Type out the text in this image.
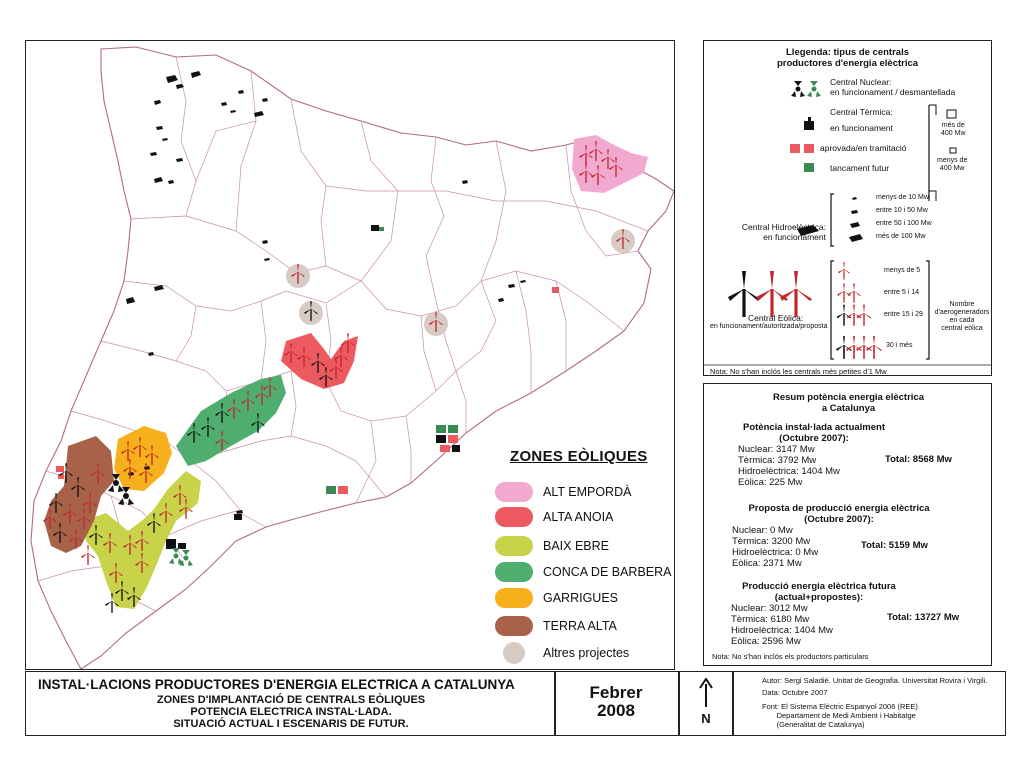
ZONES EÒLIQUES
ALT EMPORDÀ
ALTA ANOIA
BAIX EBRE
CONCA DE BARBERA
GARRIGUES
TERRA ALTA
Altres projectes
Llegenda: tipus de centrals
productores d'energia elèctrica
Central Nuclear:
en funcionament / desmantellada
Central Tèrmica:
en funcionament
aprovada/en tramitació
tancament futur
més de
400 Mw
menys de
400 Mw
Central Hidroelèctrica:
en funcionament
menys de 10 Mw
entre 10 i 50 Mw
entre 50 i 100 Mw
més de 100 Mw
Central Eòlica:
en funcionament/autoritzada/proposta
menys de 5
entre 5 i 14
entre 15 i 29
30 i més
Nombre
d'aerogeneradors
en cada
central eòlica
Nota: No s'han inclós les centrals més petites d'1 Mw
Resum potència energia elèctrica
a Catalunya
Potència instal·lada actualment
(Octubre 2007):
Nuclear: 3147 Mw
Tèrmica: 3792 Mw
Hidroelèctrica: 1404 Mw
Eòlica: 225 Mw
Total: 8568 Mw
Proposta de producció energia elèctrica
(Octubre 2007):
Nuclear: 0 Mw
Tèrmica: 3200 Mw
Hidroelèctrica: 0 Mw
Eòlica: 2371 Mw
Total: 5159 Mw
Producció energia elèctrica futura
(actual+propostes):
Nuclear: 3012 Mw
Tèrmica: 6180 Mw
Hidroelèctrica: 1404 Mw
Eòlica: 2596 Mw
Total: 13727 Mw
Nota: No s'han inclós els productors particulars
INSTAL·LACIONS PRODUCTORES D'ENERGIA ELECTRICA A CATALUNYA
ZONES D'IMPLANTACIÓ DE CENTRALS EÒLIQUES
POTENCIA ELECTRICA INSTAL·LADA.
SITUACIÓ ACTUAL I ESCENARIS DE FUTUR.
Febrer
2008	N
Autor: Sergi Saladié. Unitat de Geografia. Universitat Rovira i Virgili.
Data: Octubre 2007
Font: El Sistema Elèctric Espanyol 2006 (REE)
Departament de Medi Ambient i Habitatge
(Generalitat de Catalunya)
